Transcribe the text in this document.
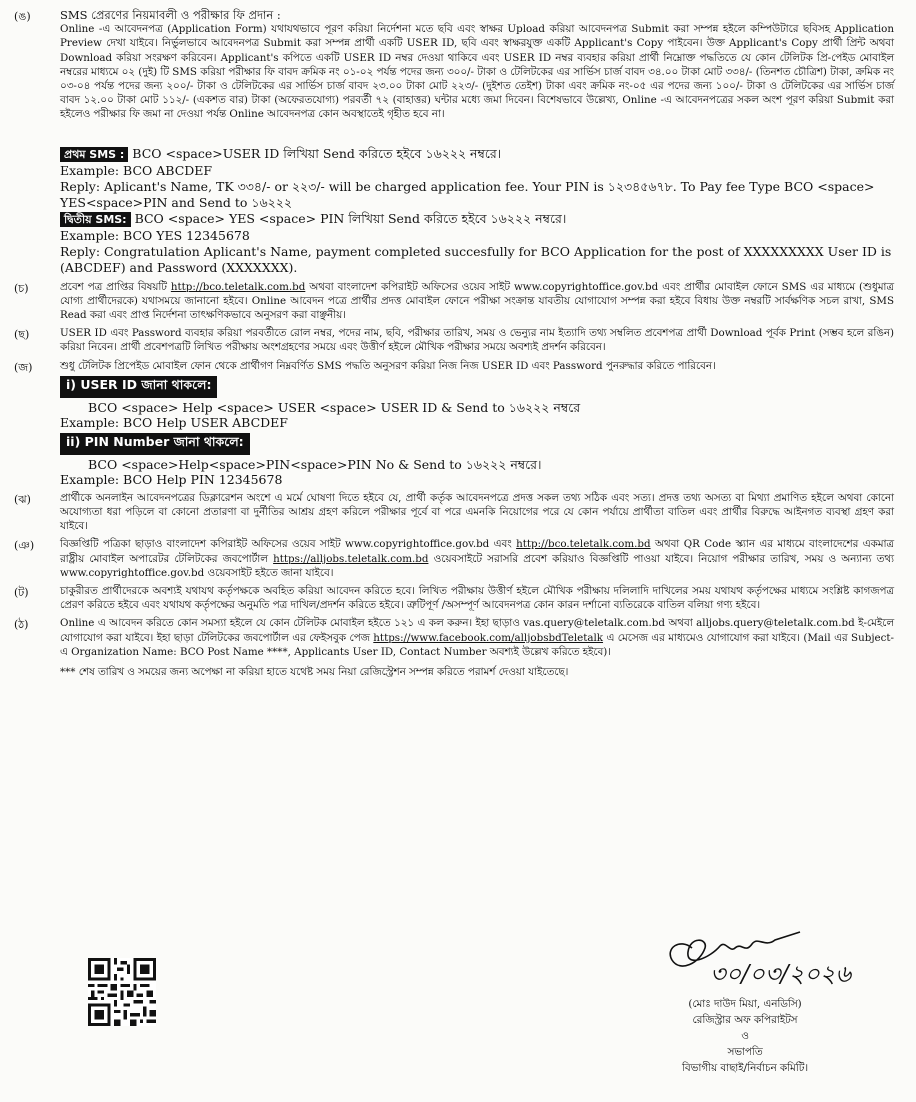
(ঙ)	SMS প্রেরণের নিয়মাবলী ও পরীক্ষার ফি প্রদান :

Online -এ আবেদনপত্র (Application Form) যথাযথভাবে পূরণ করিয়া নির্দেশনা মতে ছবি এবং স্বাক্ষর Upload করিয়া আবেদনপত্র Submit করা সম্পন্ন হইলে কম্পিউটারে ছবিসহ Application Preview দেখা যাইবে। নির্ভুলভাবে আবেদনপত্র Submit করা সম্পন্ন প্রার্থী একটি USER ID, ছবি এবং স্বাক্ষরযুক্ত একটি Applicant's Copy পাইবেন। উক্ত Applicant's Copy প্রার্থী প্রিন্ট অথবা Download করিয়া সংরক্ষণ করিবেন। Applicant's কপিতে একটি USER ID নম্বর দেওয়া থাকিবে এবং USER ID নম্বর ব্যবহার করিয়া প্রার্থী নিম্নোক্ত পদ্ধতিতে যে কোন টেলিটক প্রি-পেইড মোবাইল নম্বরের মাধ্যমে ০২ (দুই) টি SMS করিয়া পরীক্ষার ফি বাবদ ক্রমিক নং ০১-০২ পর্যন্ত পদের জন্য ৩০০/- টাকা ও টেলিটকের এর সার্ভিস চার্জ বাবদ ৩৪.০০ টাকা মোট ৩৩৪/- (তিনশত চৌত্রিশ) টাকা, ক্রমিক নং ০৩-০৪ পর্যন্ত পদের জন্য ২০০/- টাকা ও টেলিটকের এর সার্ভিস চার্জ বাবদ ২৩.০০ টাকা মোট ২২৩/- (দুইশত তেইশ) টাকা এবং ক্রমিক নং-০৫ এর পদের জন্য ১০০/- টাকা ও টেলিটকের এর সার্ভিস চার্জ বাবদ ১২.০০ টাকা মোট ১১২/- (একশত বার) টাকা (অফেরতযোগ্য) পরবর্তী ৭২ (বাহাত্তর) ঘন্টার মধ্যে জমা দিবেন। বিশেষভাবে উল্লেখ্য, Online -এ আবেদনপত্রের সকল অংশ পূরণ করিয়া Submit করা হইলেও পরীক্ষার ফি জমা না দেওয়া পর্যন্ত Online আবেদনপত্র কোন অবস্থাতেই গৃহীত হবে না।

প্রথম SMS : BCO <space>USER ID লিখিয়া Send করিতে হইবে ১৬২২২ নম্বরে।

Example: BCO ABCDEF

Reply: Aplicant's Name, TK ৩৩৪/- or ২২৩/- will be charged application fee. Your PIN is ১২৩৪৫৬৭৮. To Pay fee Type BCO <space> YES<space>PIN and Send to ১৬২২২

দ্বিতীয় SMS: BCO <space> YES <space> PIN লিখিয়া Send করিতে হইবে ১৬২২২ নম্বরে।

Example: BCO YES 12345678

Reply: Congratulation Aplicant's Name, payment completed succesfully for BCO Application for the post of XXXXXXXXX User ID is (ABCDEF) and Password (XXXXXXX).

(চ)	প্রবেশ পত্র প্রাপ্তির বিষয়টি http://bco.teletalk.com.bd অথবা বাংলাদেশ কপিরাইট অফিসের ওয়েব সাইট www.copyrightoffice.gov.bd এবং প্রার্থীর মোবাইল ফোনে SMS এর মাধ্যমে (শুধুমাত্র যোগ্য প্রার্থীদেরকে) যথাসময়ে জানানো হইবে। Online আবেদন পত্রে প্রার্থীর প্রদত্ত মোবাইল ফোনে পরীক্ষা সংক্রান্ত যাবতীয় যোগাযোগ সম্পন্ন করা হইবে বিধায় উক্ত নম্বরটি সার্বক্ষণিক সচল রাখা, SMS Read করা এবং প্রাপ্ত নির্দেশনা তাৎক্ষণিকভাবে অনুসরণ করা বাঞ্ছনীয়।

(ছ)	USER ID এবং Password ব্যবহার করিয়া পরবর্তীতে রোল নম্বর, পদের নাম, ছবি, পরীক্ষার তারিখ, সময় ও ভেন্যুর নাম ইত্যাদি তথ্য সম্বলিত প্রবেশপত্র প্রার্থী Download পূর্বক Print (সম্ভব হলে রঙিন) করিয়া নিবেন। প্রার্থী প্রবেশপত্রটি লিখিত পরীক্ষায় অংশগ্রহণের সময়ে এবং উত্তীর্ণ হইলে মৌখিক পরীক্ষার সময়ে অবশ্যই প্রদর্শন করিবেন।

(জ)	শুধু টেলিটক প্রিপেইড মোবাইল ফোন থেকে প্রার্থীগণ নিম্নবর্ণিত SMS পদ্ধতি অনুসরণ করিয়া নিজ নিজ USER ID এবং Password পুনরুদ্ধার করিতে পারিবেন।

i) USER ID জানা থাকলে:

BCO <space> Help <space> USER <space> USER ID & Send to ১৬২২২ নম্বরে

Example: BCO Help USER ABCDEF

ii) PIN Number জানা থাকলে:

BCO <space>Help<space>PIN<space>PIN No & Send to ১৬২২২ নম্বরে।

Example: BCO Help PIN 12345678

(ঝ)	প্রার্থীকে অনলাইন আবেদনপত্রের ডিক্লারেশন অংশে এ মর্মে ঘোষণা দিতে হইবে যে, প্রার্থী কর্তৃক আবেদনপত্রে প্রদত্ত সকল তথ্য সঠিক এবং সত্য। প্রদত্ত তথ্য অসত্য বা মিথ্যা প্রমাণিত হইলে অথবা কোনো অযোগ্যতা ধরা পড়িলে বা কোনো প্রতারণা বা দুর্নীতির আশ্রয় গ্রহণ করিলে পরীক্ষার পূর্বে বা পরে এমনকি নিয়োগের পরে যে কোন পর্যায়ে প্রার্থীতা বাতিল এবং প্রার্থীর বিরুদ্ধে আইনগত ব্যবস্থা গ্রহণ করা যাইবে।

(ঞ)	বিজ্ঞপ্তিটি পত্রিকা ছাড়াও বাংলাদেশ কপিরাইট অফিসের ওয়েব সাইট www.copyrightoffice.gov.bd এবং http://bco.teletalk.com.bd অথবা QR Code স্ক্যান এর মাধ্যমে বাংলাদেশের একমাত্র রাষ্ট্রীয় মোবাইল অপারেটর টেলিটকের জবপোর্টাল https://alljobs.teletalk.com.bd ওয়েবসাইটে সরাসরি প্রবেশ করিয়াও বিজ্ঞপ্তিটি পাওয়া যাইবে। নিয়োগ পরীক্ষার তারিখ, সময় ও অন্যান্য তথ্য www.copyrightoffice.gov.bd ওয়েবসাইট হইতে জানা যাইবে।

(ট)	চাকুরীরত প্রার্থীদেরকে অবশ্যই যথাযথ কর্তৃপক্ষকে অবহিত করিয়া আবেদন করিতে হবে। লিখিত পরীক্ষায় উত্তীর্ণ হইলে মৌখিক পরীক্ষায় দলিলাদি দাখিলের সময় যথাযথ কর্তৃপক্ষের মাধ্যমে সংশ্লিষ্ট কাগজপত্র প্রেরণ করিতে হইবে এবং যথাযথ কর্তৃপক্ষের অনুমতি পত্র দাখিল/প্রদর্শন করিতে হইবে। ত্রুটিপূর্ণ /অসম্পূর্ণ আবেদনপত্র কোন কারন দর্শানো ব্যতিরেকে বাতিল বলিয়া গণ্য হইবে।

(ঠ)	Online এ আবেদন করিতে কোন সমস্যা হইলে যে কোন টেলিটক মোবাইল হইতে ১২১ এ কল করুন। ইহা ছাড়াও vas.query@teletalk.com.bd অথবা alljobs.query@teletalk.com.bd ই-মেইলে যোগাযোগ করা যাইবে। ইহা ছাড়া টেলিটকের জবপোর্টাল এর ফেইসবুক পেজ https://www.facebook.com/alljobsbdTeletalk এ মেসেজ এর মাধ্যমেও যোগাযোগ করা যাইবে। (Mail এর Subject-এ Organization Name: BCO Post Name ****, Applicants User ID, Contact Number অবশ্যই উল্লেখ করিতে হইবে)।

*** শেষ তারিখ ও সময়ের জন্য অপেক্ষা না করিয়া হাতে যথেষ্ট সময় নিয়া রেজিস্ট্রেশন সম্পন্ন করিতে পরামর্শ দেওয়া যাইতেছে।

৩০/০৩/২০২৬
(মোঃ দাউদ মিয়া, এনডিসি)
রেজিস্ট্রার অফ কপিরাইটস
ও
সভাপতি
বিভাগীয় বাছাই/নির্বাচন কমিটি।
